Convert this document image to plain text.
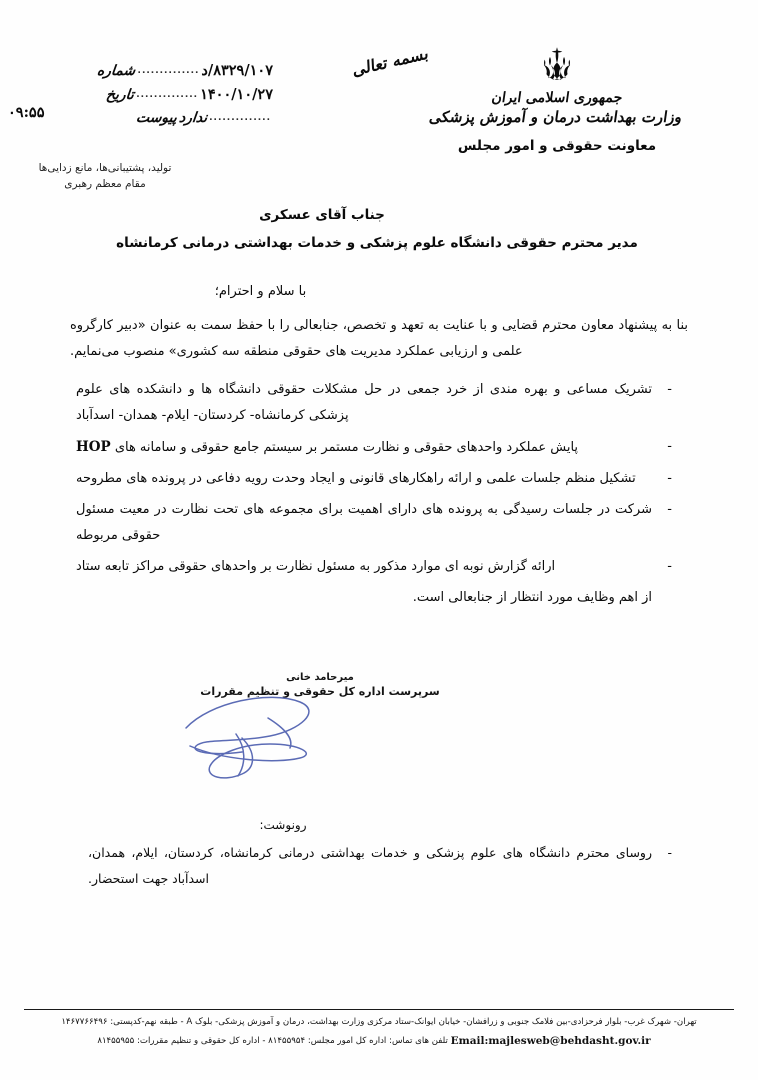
۸۳۲۹/۱۰۷/د
..............
شماره
۱۴۰۰/۱۰/۲۷
..............
تاریخ
..............
ندارد
پیوست
۰۹:۵۵
بسمه تعالی
جمهوری اسلامی ایران
وزارت بهداشت درمان و آموزش پزشکی
معاونت حقوقی و امور مجلس
تولید، پشتیبانی‌ها، مانع زدایی‌ها
مقام معظم رهبری
جناب آقای عسکری
مدیر محترم حقوقی دانشگاه علوم پزشکی و خدمات بهداشتی درمانی کرمانشاه
با سلام و احترام؛
بنا به پیشنهاد معاون محترم قضایی و با عنایت به تعهد و تخصص، جنابعالی را با حفظ سمت به عنوان «دبیر کارگروه علمی و ارزیابی عملکرد مدیریت های حقوقی منطقه سه کشوری» منصوب می‌نمایم.
-
تشریک مساعی و بهره مندی از خرد جمعی در حل مشکلات حقوقی دانشگاه ها و دانشکده های علوم پزشکی کرمانشاه- کردستان- ایلام- همدان- اسدآباد
-
پایش عملکرد واحدهای حقوقی و نظارت مستمر بر سیستم جامع حقوقی و سامانه های HOP
-
تشکیل منظم جلسات علمی و ارائه راهکارهای قانونی و ایجاد وحدت رویه دفاعی در پرونده های مطروحه
-
شرکت در جلسات رسیدگی به پرونده های دارای اهمیت برای مجموعه های تحت نظارت در معیت مسئول حقوقی مربوطه
-
ارائه گزارش نوبه ای موارد مذکور به مسئول نظارت بر واحدهای حقوقی مراکز تابعه ستاد
از اهم وظایف مورد انتظار از جنابعالی است.
میرحامد خانی
سرپرست اداره کل حقوقی و تنظیم مقررات
رونوشت:
-
روسای محترم دانشگاه های علوم پزشکی و خدمات بهداشتی درمانی کرمانشاه، کردستان، ایلام، همدان، اسدآباد جهت استحضار.
تهران- شهرک غرب- بلوار فرحزادی-بین فلامک جنوبی و زرافشان- خیابان ایوانک-ستاد مرکزی وزارت بهداشت، درمان و آموزش پزشکی- بلوک A - طبقه نهم-کدپستی: ۱۴۶۷۷۶۶۴۹۶
Email:majlesweb@behdasht.gov.ir تلفن های تماس: اداره کل امور مجلس: ۸۱۴۵۵۹۵۴ - اداره کل حقوقی و تنظیم مقررات: ۸۱۴۵۵۹۵۵
